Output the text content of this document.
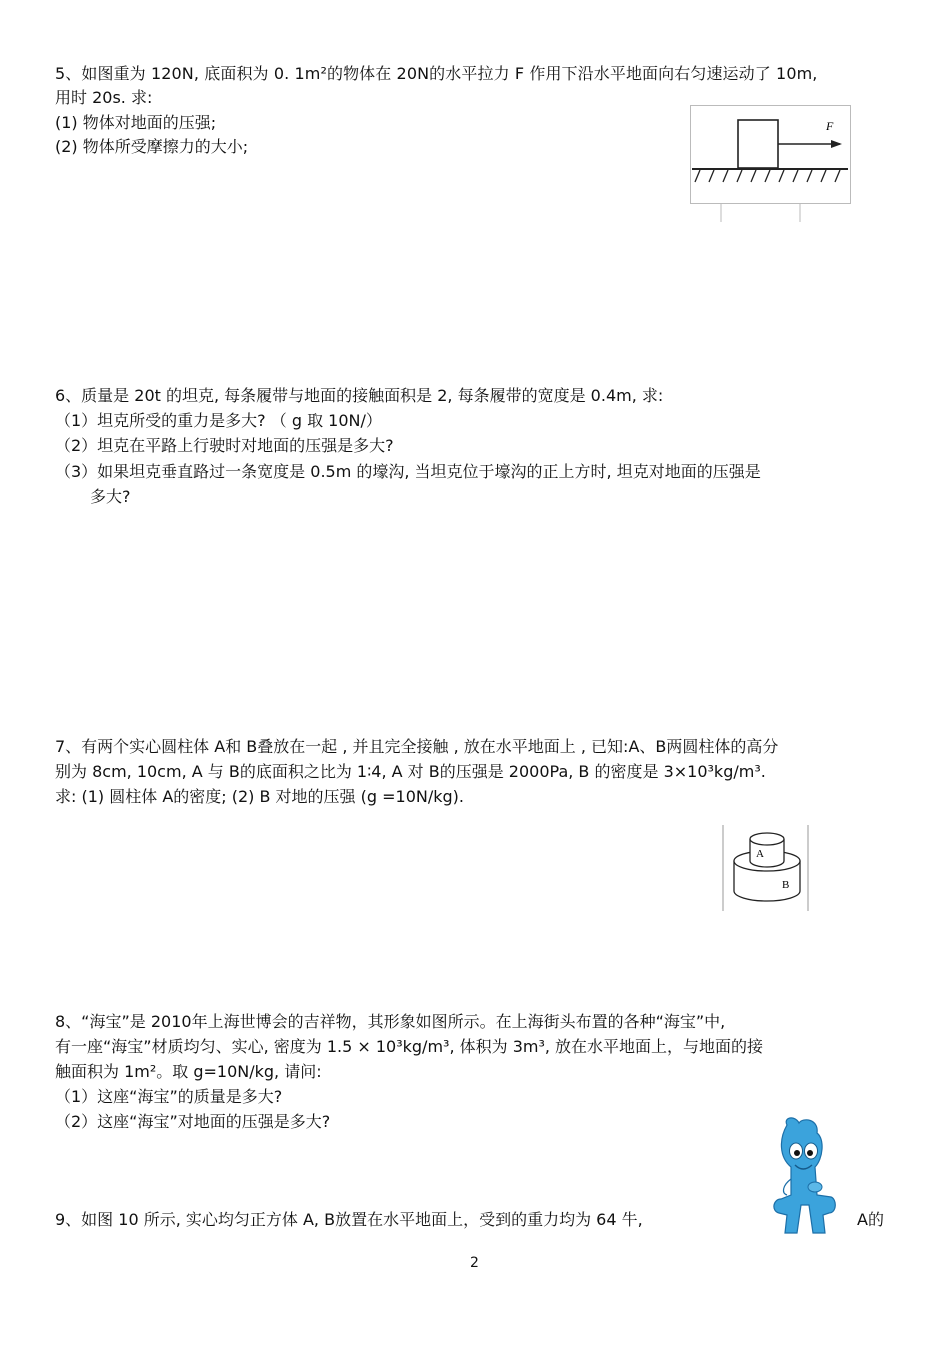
5、如图重为 120N, 底面积为 0. 1m²的物体在 20N的水平拉力 F 作用下沿水平地面向右匀速运动了 10m,
用时 20s. 求:
(1) 物体对地面的压强;
(2) 物体所受摩擦力的大小;
F
6、质量是 20t 的坦克, 每条履带与地面的接触面积是 2, 每条履带的宽度是 0.4m, 求:
（1）坦克所受的重力是多大? （ g 取 10N/）
（2）坦克在平路上行驶时对地面的压强是多大?
（3）如果坦克垂直路过一条宽度是 0.5m 的壕沟, 当坦克位于壕沟的正上方时, 坦克对地面的压强是
多大?
7、有两个实心圆柱体 A和 B叠放在一起 , 并且完全接触 , 放在水平地面上 , 已知:A、B两圆柱体的高分
别为 8cm, 10cm, A 与 B的底面积之比为 1∶4, A 对 B的压强是 2000Pa, B 的密度是 3×10³kg/m³.
求: (1) 圆柱体 A的密度; (2) B 对地的压强 (g =10N/kg).
A
B
8、“海宝”是 2010年上海世博会的吉祥物，其形象如图所示。在上海街头布置的各种“海宝”中,
有一座“海宝”材质均匀、实心, 密度为 1.5 × 10³kg/m³, 体积为 3m³, 放在水平地面上，与地面的接
触面积为 1m²。取 g=10N/kg, 请问:
（1）这座“海宝”的质量是多大?
（2）这座“海宝”对地面的压强是多大?
9、如图 10 所示, 实心均匀正方体 A, B放置在水平地面上，受到的重力均为 64 牛,	A的
2
